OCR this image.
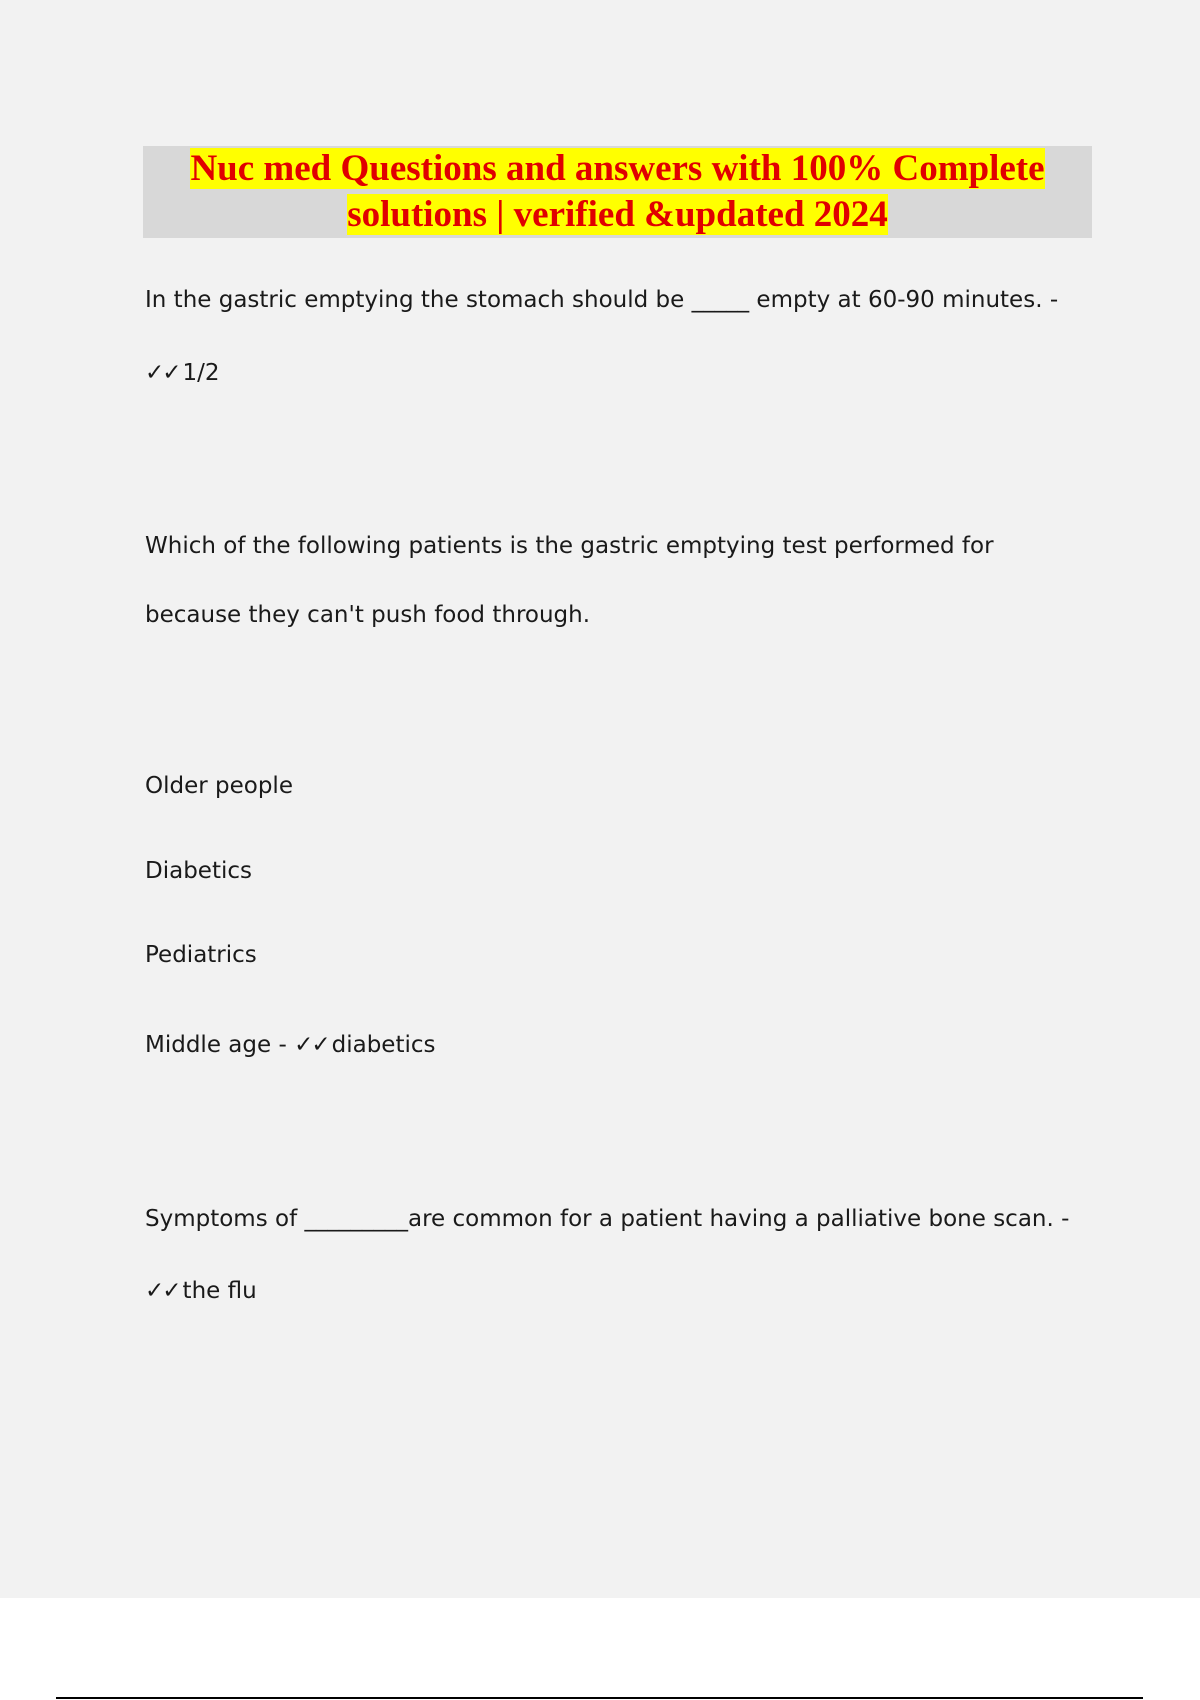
Nuc med Questions and answers with 100% Complete solutions | verified &updated 2024

In the gastric emptying the stomach should be _____ empty at 60-90 minutes. -

✓✓ 1/2

Which of the following patients is the gastric emptying test performed for

because they can't push food through.

Older people

Diabetics

Pediatrics

Middle age - ✓✓ diabetics

Symptoms of _________are common for a patient having a palliative bone scan. -

✓✓ the flu
